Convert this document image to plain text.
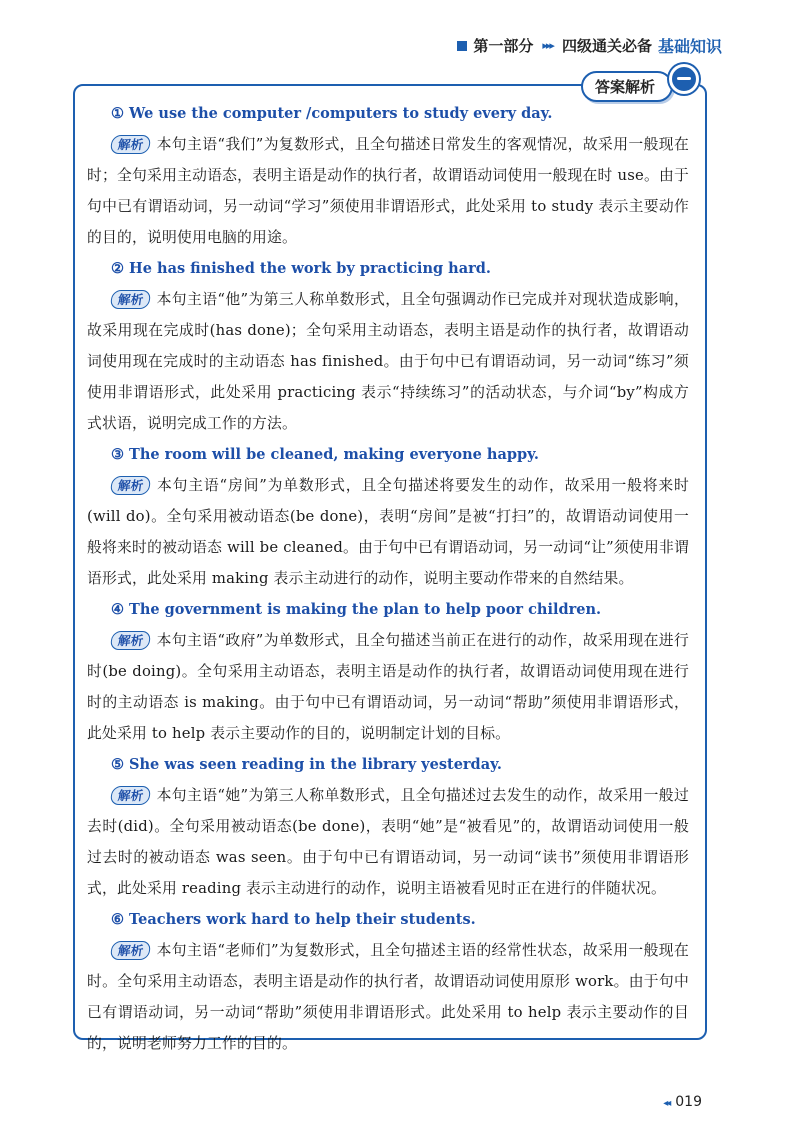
第一部分 ▸▸▸ 四级通关必备 基础知识
答案解析

① We use the computer /computers to study every day.

解析 本句主语“我们”为复数形式，且全句描述日常发生的客观情况，故采用一般现在时；全句采用主动语态，表明主语是动作的执行者，故谓语动词使用一般现在时 use。由于句中已有谓语动词，另一动词“学习”须使用非谓语形式，此处采用 to study 表示主要动作的目的，说明使用电脑的用途。

② He has finished the work by practicing hard.

解析 本句主语“他”为第三人称单数形式，且全句强调动作已完成并对现状造成影响，故采用现在完成时(has done)；全句采用主动语态，表明主语是动作的执行者，故谓语动词使用现在完成时的主动语态 has finished。由于句中已有谓语动词，另一动词“练习”须使用非谓语形式，此处采用 practicing 表示“持续练习”的活动状态，与介词“by”构成方式状语，说明完成工作的方法。

③ The room will be cleaned, making everyone happy.

解析 本句主语“房间”为单数形式，且全句描述将要发生的动作，故采用一般将来时(will do)。全句采用被动语态(be done)，表明“房间”是被“打扫”的，故谓语动词使用一般将来时的被动语态 will be cleaned。由于句中已有谓语动词，另一动词“让”须使用非谓语形式，此处采用 making 表示主动进行的动作，说明主要动作带来的自然结果。

④ The government is making the plan to help poor children.

解析 本句主语“政府”为单数形式，且全句描述当前正在进行的动作，故采用现在进行时(be doing)。全句采用主动语态，表明主语是动作的执行者，故谓语动词使用现在进行时的主动语态 is making。由于句中已有谓语动词，另一动词“帮助”须使用非谓语形式，此处采用 to help 表示主要动作的目的，说明制定计划的目标。

⑤ She was seen reading in the library yesterday.

解析 本句主语“她”为第三人称单数形式，且全句描述过去发生的动作，故采用一般过去时(did)。全句采用被动语态(be done)，表明“她”是“被看见”的，故谓语动词使用一般过去时的被动语态 was seen。由于句中已有谓语动词，另一动词“读书”须使用非谓语形式，此处采用 reading 表示主动进行的动作，说明主语被看见时正在进行的伴随状况。

⑥ Teachers work hard to help their students.

解析 本句主语“老师们”为复数形式，且全句描述主语的经常性状态，故采用一般现在时。全句采用主动语态，表明主语是动作的执行者，故谓语动词使用原形 work。由于句中已有谓语动词，另一动词“帮助”须使用非谓语形式。此处采用 to help 表示主要动作的目的，说明老师努力工作的目的。

◂◂ 019
